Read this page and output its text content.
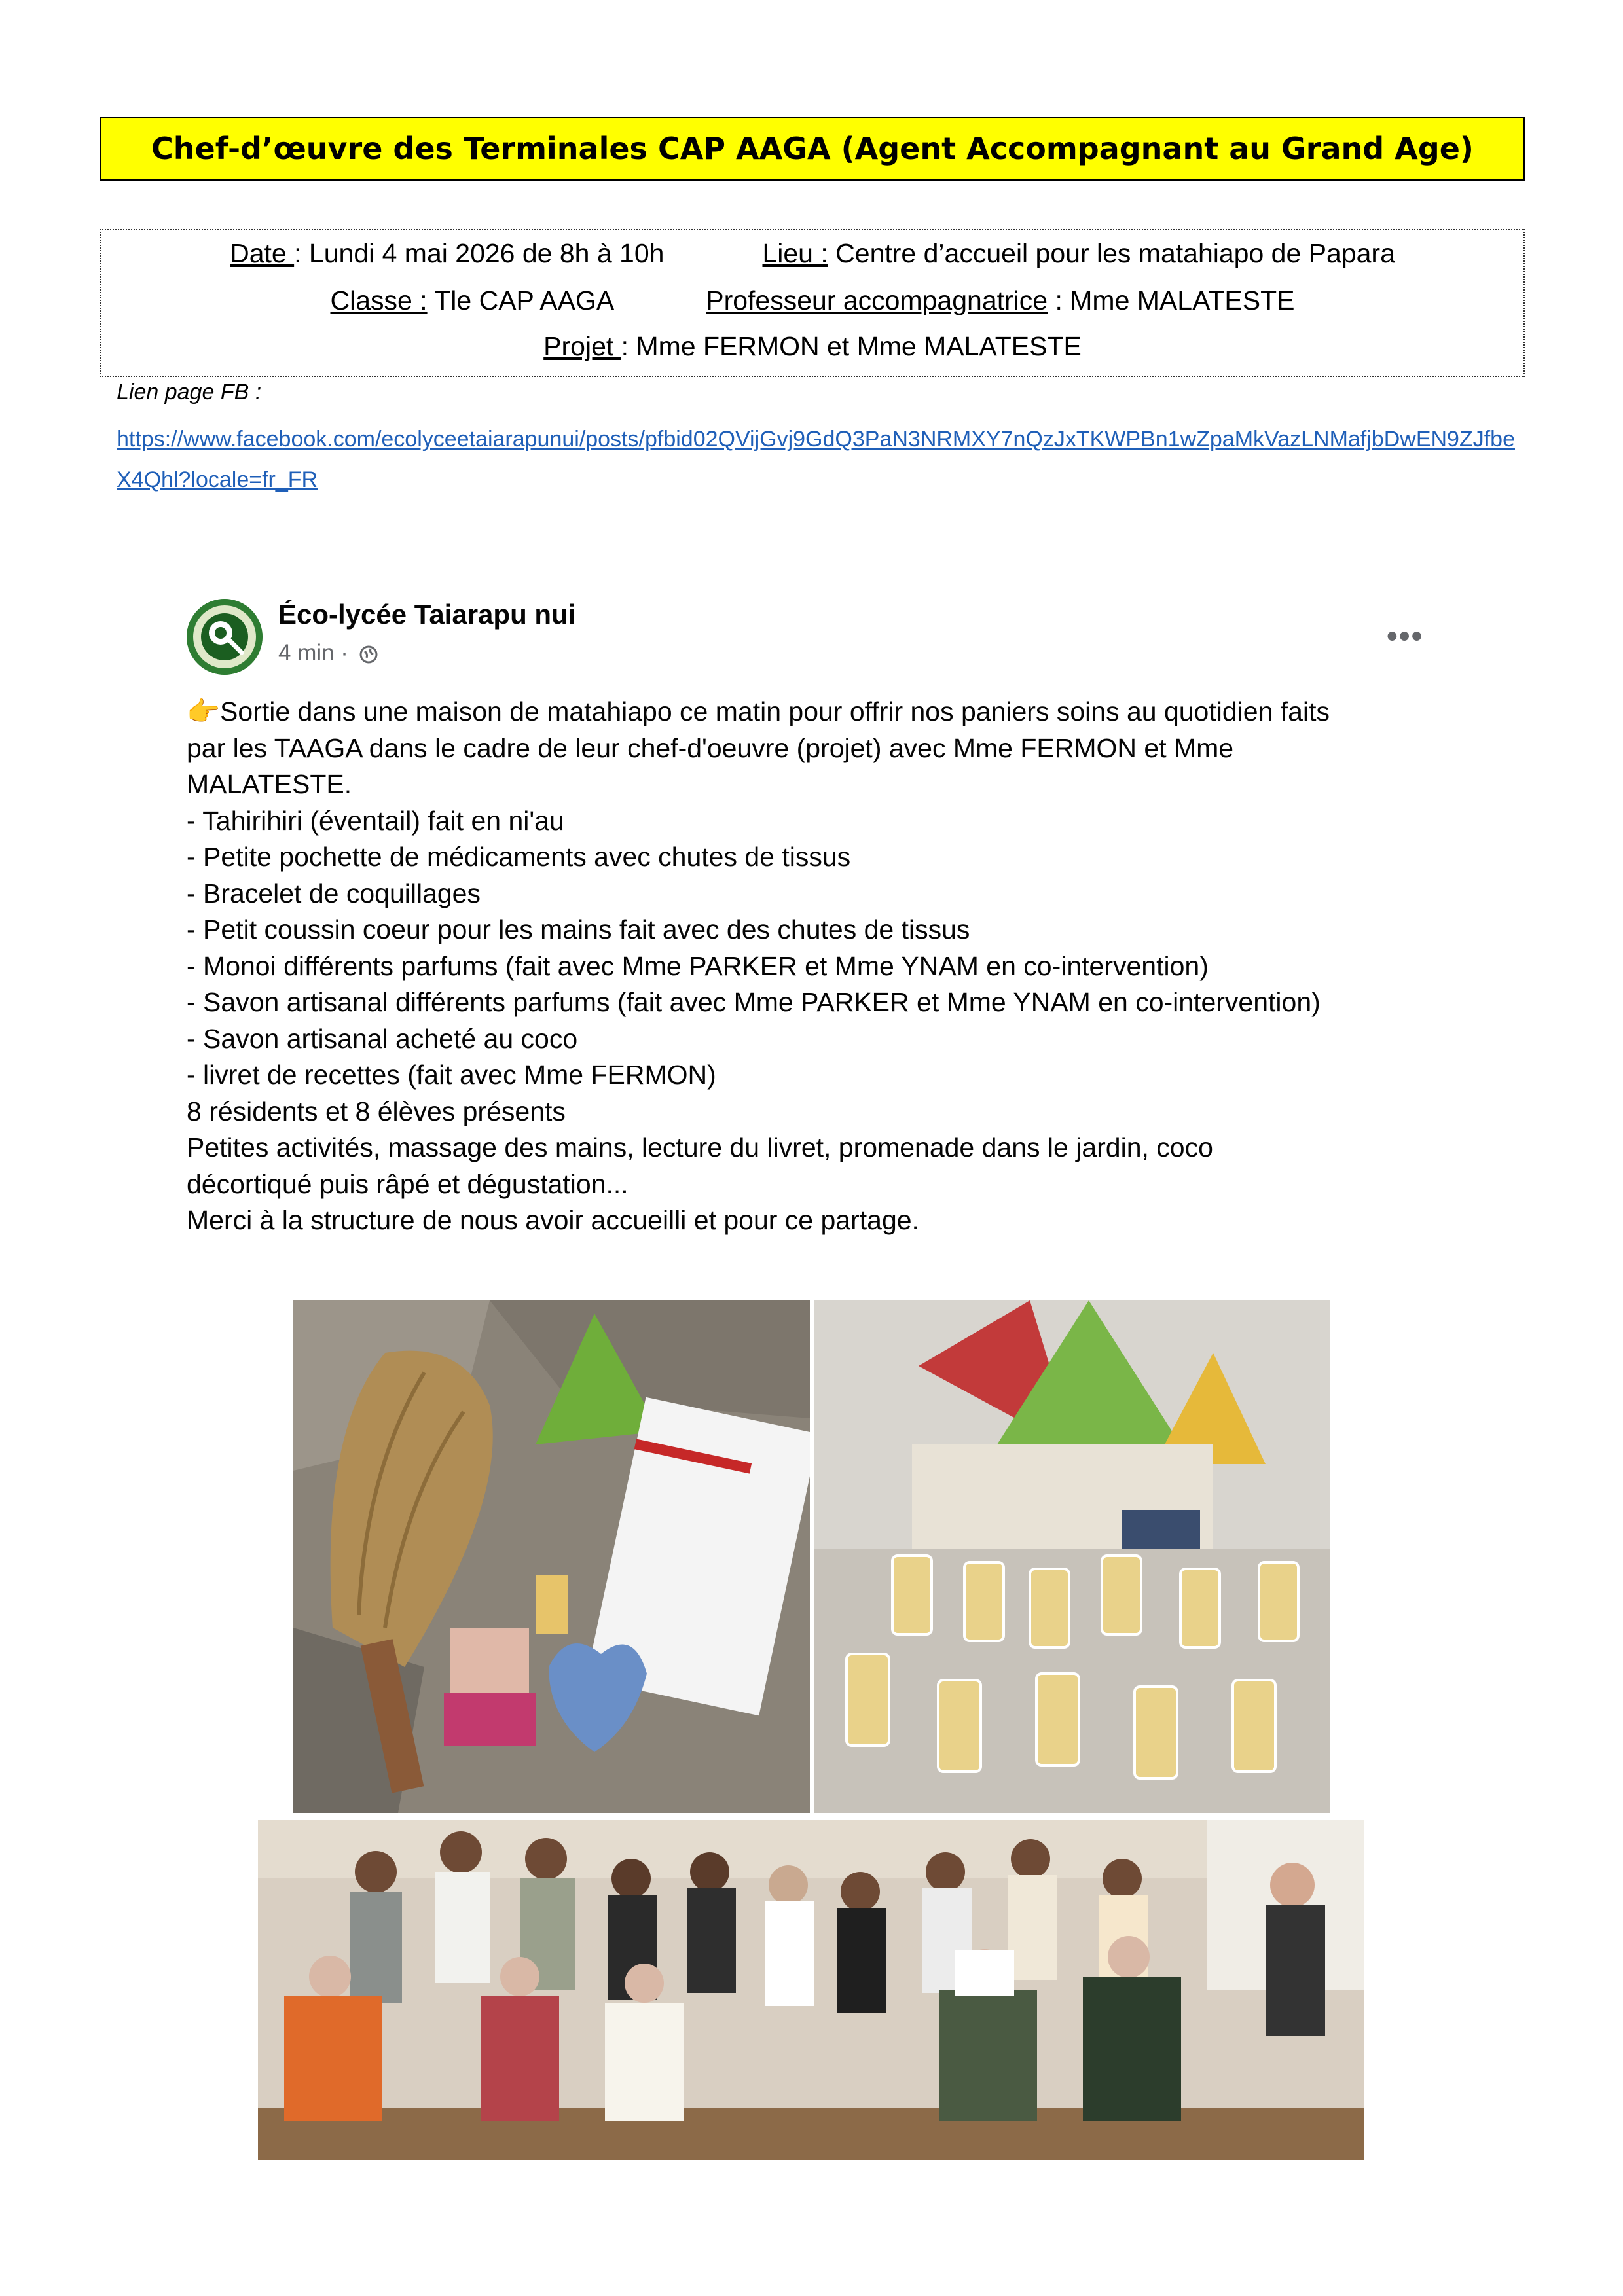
Chef-d’œuvre des Terminales CAP AAGA (Agent Accompagnant au Grand Age)
Date : Lundi 4 mai 2026 de 8h à 10h	Lieu : Centre d’accueil pour les matahiapo de Papara
Classe : Tle CAP AAGA	Professeur accompagnatrice : Mme MALATESTE
Projet : Mme FERMON et Mme MALATESTE
Lien page FB :
https://www.facebook.com/ecolyceetaiarapunui/posts/pfbid02QVijGvj9GdQ3PaN3NRMXY7nQzJxTKWPBn1wZpaMkVazLNMafjbDwEN9ZJfbeX4Qhl?locale=fr_FR
Éco-lycée Taiarapu nui
4 min ·	•••
👉Sortie dans une maison de matahiapo ce matin pour offrir nos paniers soins au quotidien faits
par les TAAGA dans le cadre de leur chef-d'oeuvre (projet) avec Mme FERMON et Mme
MALATESTE.
- Tahirihiri (éventail) fait en ni'au
- Petite pochette de médicaments avec chutes de tissus
- Bracelet de coquillages
- Petit coussin coeur pour les mains fait avec des chutes de tissus
- Monoi différents parfums (fait avec Mme PARKER et Mme YNAM en co-intervention)
- Savon artisanal différents parfums (fait avec Mme PARKER et Mme YNAM en co-intervention)
- Savon artisanal acheté au coco
- livret de recettes (fait avec Mme FERMON)
8 résidents et 8 élèves présents
Petites activités, massage des mains, lecture du livret, promenade dans le jardin, coco
décortiqué puis râpé et dégustation...
Merci à la structure de nous avoir accueilli et pour ce partage.
